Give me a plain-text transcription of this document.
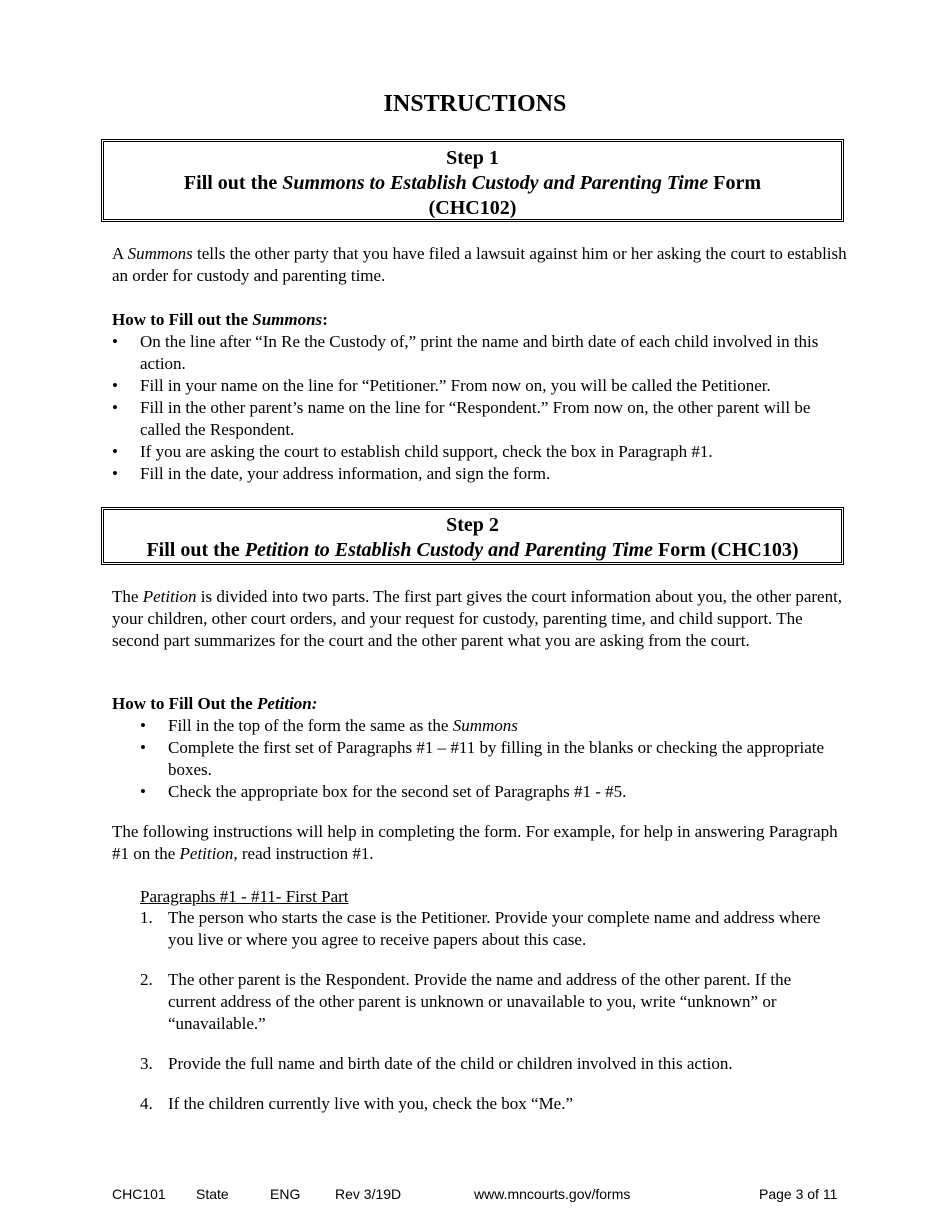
INSTRUCTIONS
Step 1
Fill out the Summons to Establish Custody and Parenting Time Form
(CHC102)

A Summons tells the other party that you have filed a lawsuit against him or her asking the court to establish an order for custody and parenting time.

How to Fill out the Summons:

•	On the line after “In Re the Custody of,” print the name and birth date of each child involved in this action.
•	Fill in your name on the line for “Petitioner.” From now on, you will be called the Petitioner.
•	Fill in the other parent’s name on the line for “Respondent.” From now on, the other parent will be called the Respondent.
•	If you are asking the court to establish child support, check the box in Paragraph #1.
•	Fill in the date, your address information, and sign the form.
Step 2
Fill out the Petition to Establish Custody and Parenting Time Form (CHC103)

The Petition is divided into two parts. The first part gives the court information about you, the other parent, your children, other court orders, and your request for custody, parenting time, and child support. The second part summarizes for the court and the other parent what you are asking from the court.

How to Fill Out the Petition:

•	Fill in the top of the form the same as the Summons
•	Complete the first set of Paragraphs #1 – #11 by filling in the blanks or checking the appropriate boxes.
•	Check the appropriate box for the second set of Paragraphs #1 - #5.

The following instructions will help in completing the form. For example, for help in answering Paragraph #1 on the Petition, read instruction #1.

Paragraphs #1 - #11- First Part

1. The person who starts the case is the Petitioner. Provide your complete name and address where you live or where you agree to receive papers about this case.
2. The other parent is the Respondent. Provide the name and address of the other parent. If the current address of the other parent is unknown or unavailable to you, write “unknown” or “unavailable.”
3. Provide the full name and birth date of the child or children involved in this action.
4. If the children currently live with you, check the box “Me.”
CHC101 State	ENG Rev 3/19D	www.mncourts.gov/forms	Page 3 of 11
